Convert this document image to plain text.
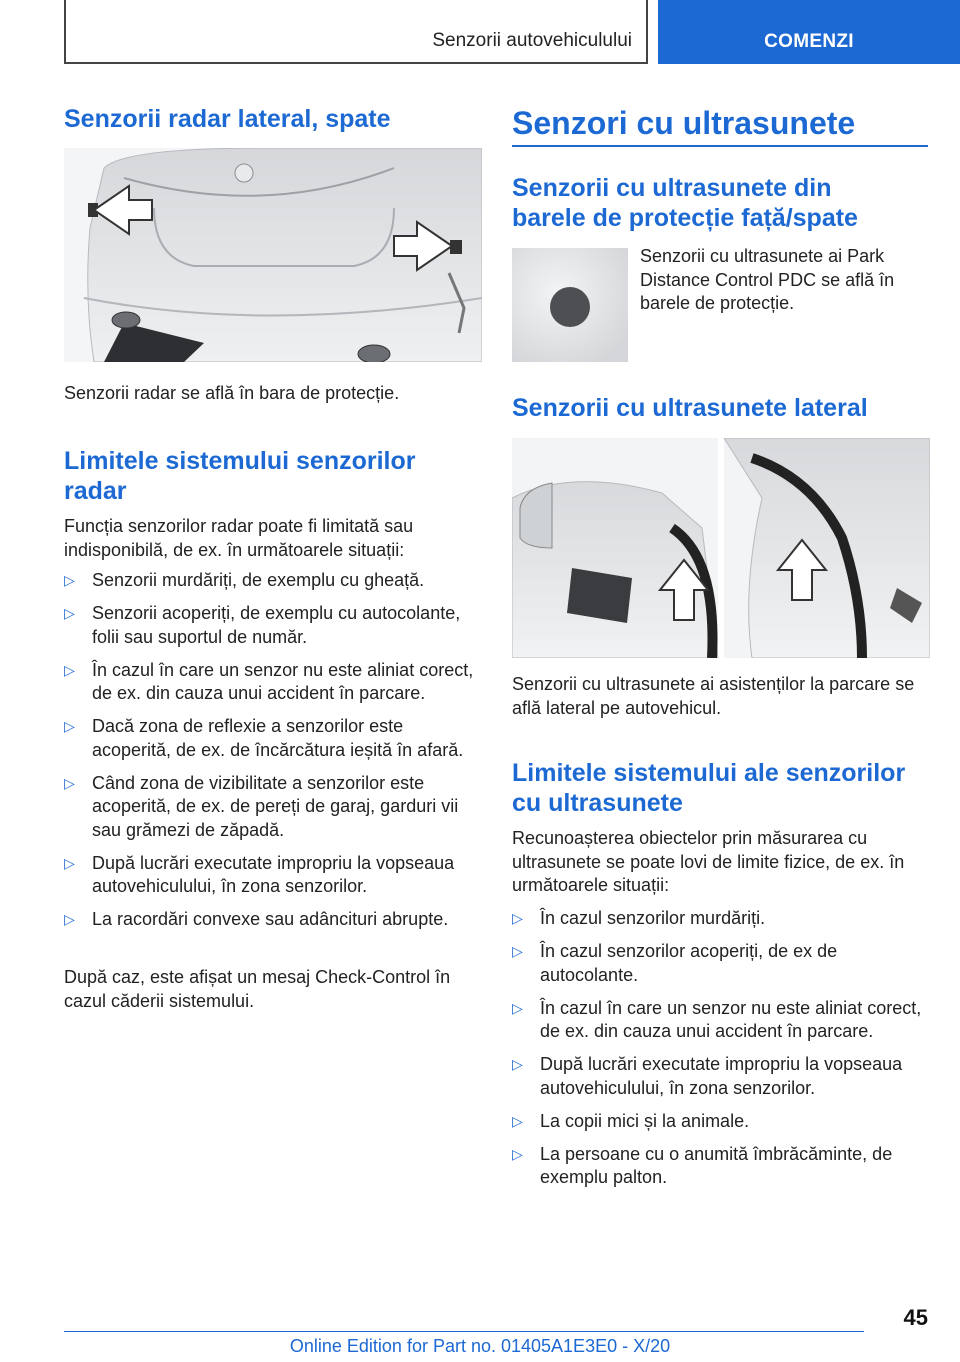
Senzorii autovehiculului	COMENZI
Senzorii radar lateral, spate
Senzorii radar se află în bara de protecție.
Limitele sistemului senzorilor radar
Funcția senzorilor radar poate fi limitată sau indisponibilă, de ex. în următoarele situații:
▷ Senzorii murdăriți, de exemplu cu gheață.
▷ Senzorii acoperiți, de exemplu cu autocolante, folii sau suportul de număr.
▷ În cazul în care un senzor nu este aliniat corect, de ex. din cauza unui accident în parcare.
▷ Dacă zona de reflexie a senzorilor este acoperită, de ex. de încărcătura ieșită în afară.
▷ Când zona de vizibilitate a senzorilor este acoperită, de ex. de pereți de garaj, garduri vii sau grămezi de zăpadă.
▷ După lucrări executate impropriu la vopseaua autovehiculului, în zona senzorilor.
▷ La racordări convexe sau adâncituri abrupte.
După caz, este afișat un mesaj Check-Control în cazul căderii sistemului.
Senzori cu ultrasunete
Senzorii cu ultrasunete din barele de protecție față/spate
Senzorii cu ultrasunete ai Park Distance Control PDC se află în barele de protecție.
Senzorii cu ultrasunete lateral
Senzorii cu ultrasunete ai asistenților la parcare se află lateral pe autovehicul.
Limitele sistemului ale senzorilor cu ultrasunete
Recunoașterea obiectelor prin măsurarea cu ultrasunete se poate lovi de limite fizice, de ex. în următoarele situații:
▷ În cazul senzorilor murdăriți.
▷ În cazul senzorilor acoperiți, de ex de autocolante.
▷ În cazul în care un senzor nu este aliniat corect, de ex. din cauza unui accident în parcare.
▷ După lucrări executate impropriu la vopseaua autovehiculului, în zona senzorilor.
▷ La copii mici și la animale.
▷ La persoane cu o anumită îmbrăcăminte, de exemplu palton.
45
Online Edition for Part no. 01405A1E3E0 - X/20
